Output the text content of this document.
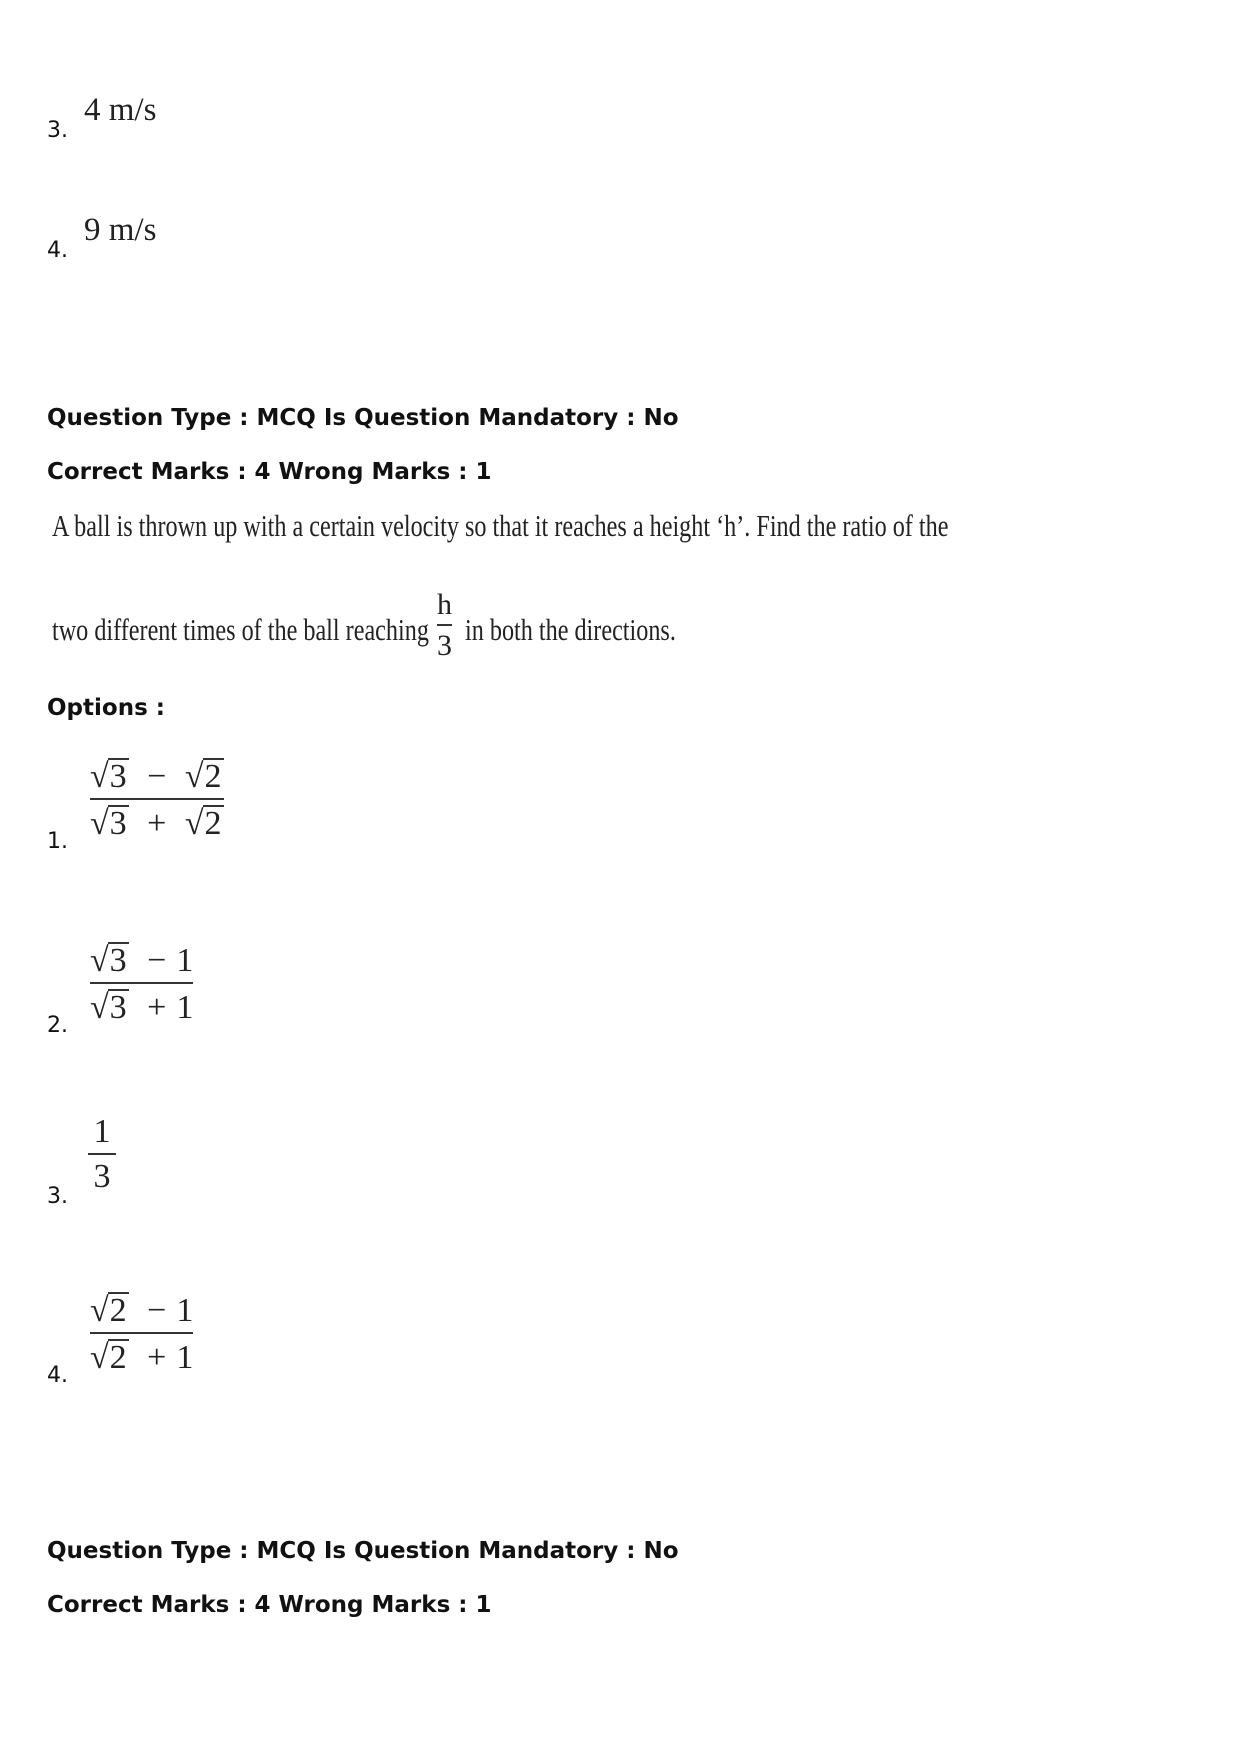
3.
4 m/s
4.
9 m/s
Question Type : MCQ Is Question Mandatory : No
Correct Marks : 4 Wrong Marks : 1
A ball is thrown up with a certain velocity so that it reaches a height ‘h’. Find the ratio of the
two different times of the ball reaching
h
3 in both the directions.
Options :
1.
√3 − √2
√3 + √2
2.
√3 − 1
√3 + 1
3.
1
3
4.
√2 − 1
√2 + 1
Question Type : MCQ Is Question Mandatory : No
Correct Marks : 4 Wrong Marks : 1
